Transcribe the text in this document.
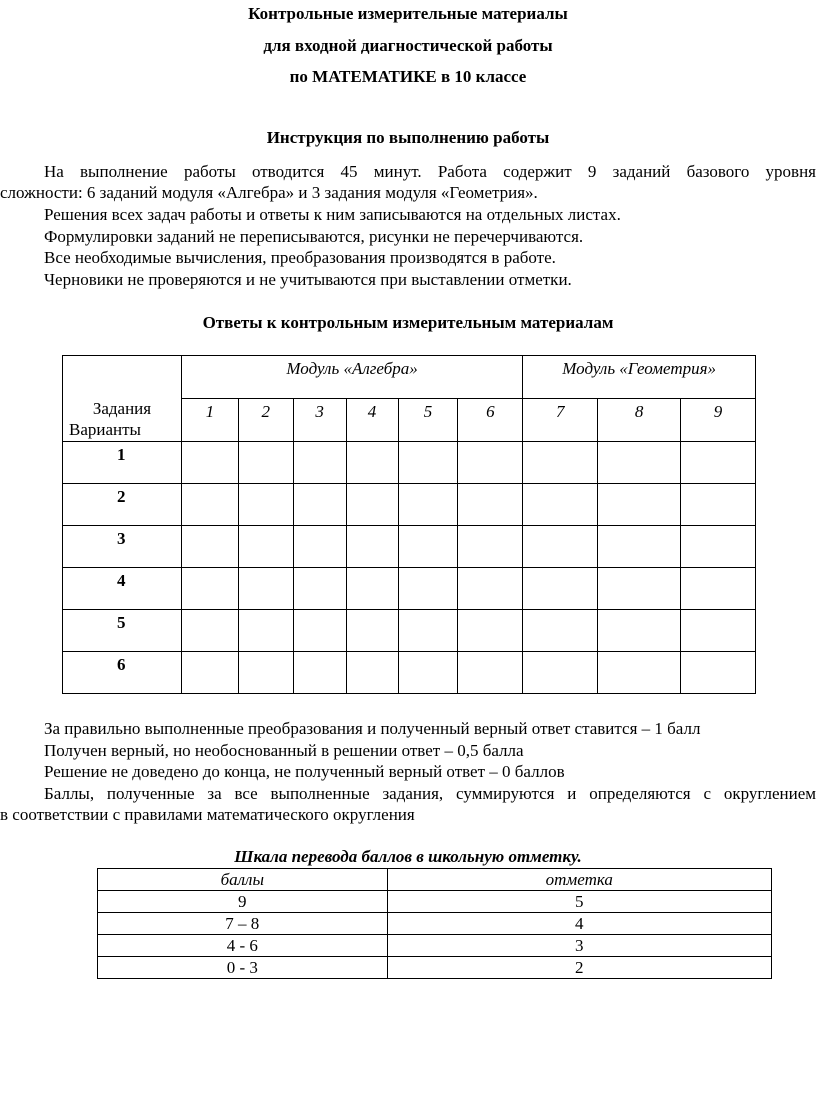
Контрольные измерительные материалы
для входной диагностической работы
по МАТЕМАТИКЕ в 10 классе
Инструкция по выполнению работы
На выполнение работы отводится 45 минут. Работа содержит 9 заданий базового уровня
сложности: 6 заданий модуля «Алгебра» и 3 задания модуля «Геометрия».
Решения всех задач работы и ответы к ним записываются на отдельных листах.
Формулировки заданий не переписываются, рисунки не перечерчиваются.
Все необходимые вычисления, преобразования производятся в работе.
Черновики не проверяются и не учитываются при выставлении отметки.
Ответы к контрольным измерительным материалам
Задания
Варианты	Модуль «Алгебра»						Модуль «Геометрия»		
	1	2	3	4	5	6	7	8	9
1									
2									
3									
4									
5									
6									
За правильно выполненные преобразования и полученный верный ответ ставится – 1 балл
Получен верный, но необоснованный в решении ответ – 0,5 балла
Решение не доведено до конца, не полученный верный ответ – 0 баллов
Баллы, полученные за все выполненные задания, суммируются и определяются с округлением
в соответствии с правилами математического округления
Шкала перевода баллов в школьную отметку.
баллы	отметка
9	5
7 – 8	4
4 - 6	3
0 - 3	2
